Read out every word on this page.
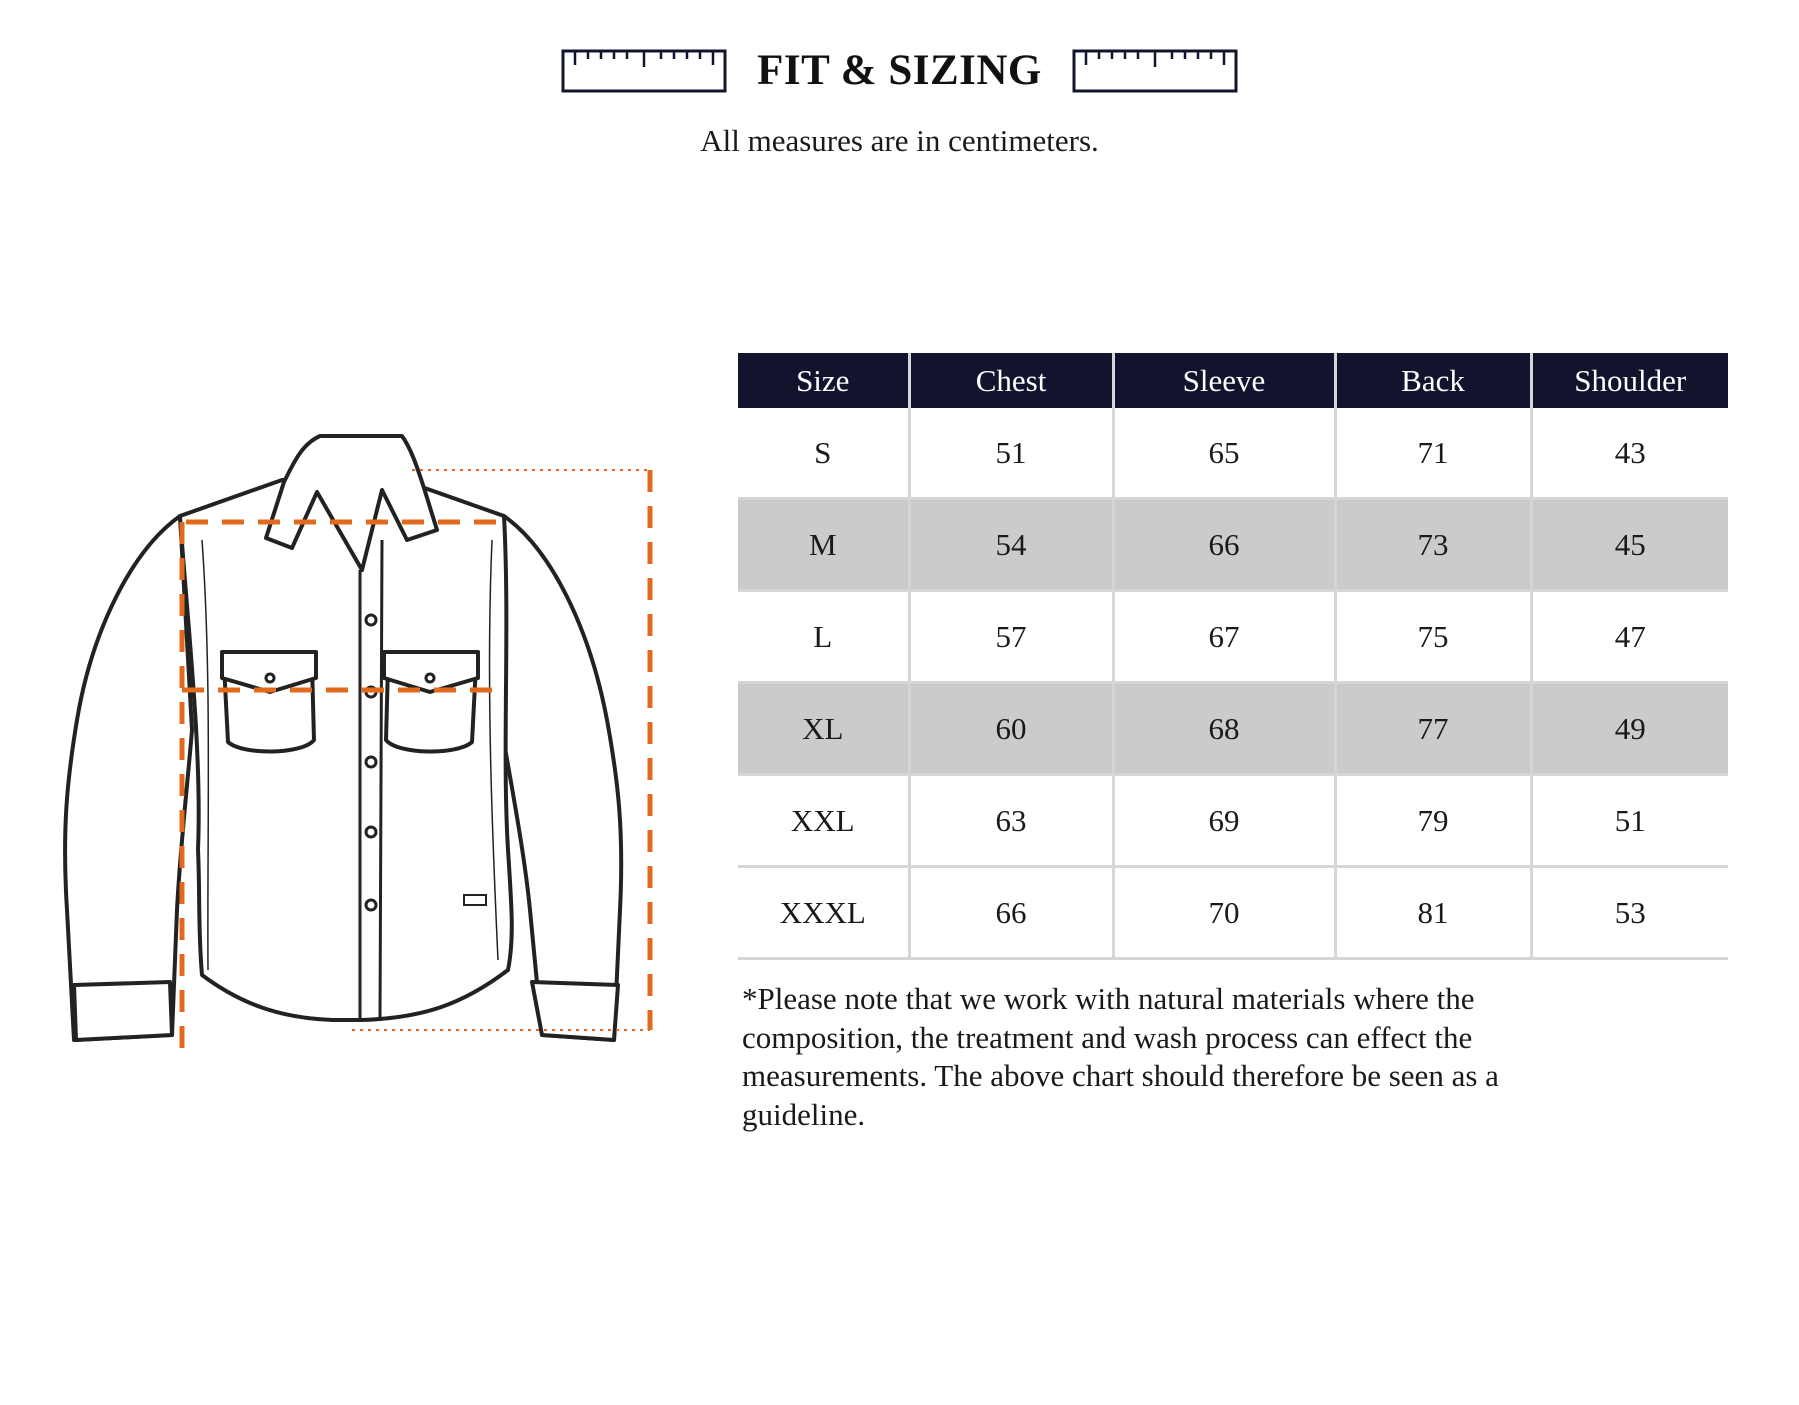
FIT & SIZING
All measures are in centimeters.
Size	Chest	Sleeve	Back	Shoulder
S	51	65	71	43
M	54	66	73	45
L	57	67	75	47
XL	60	68	77	49
XXL	63	69	79	51
XXXL	66	70	81	53

*Please note that we work with natural materials where the composition, the treatment and wash process can effect the measurements. The above chart should therefore be seen as a guideline.
